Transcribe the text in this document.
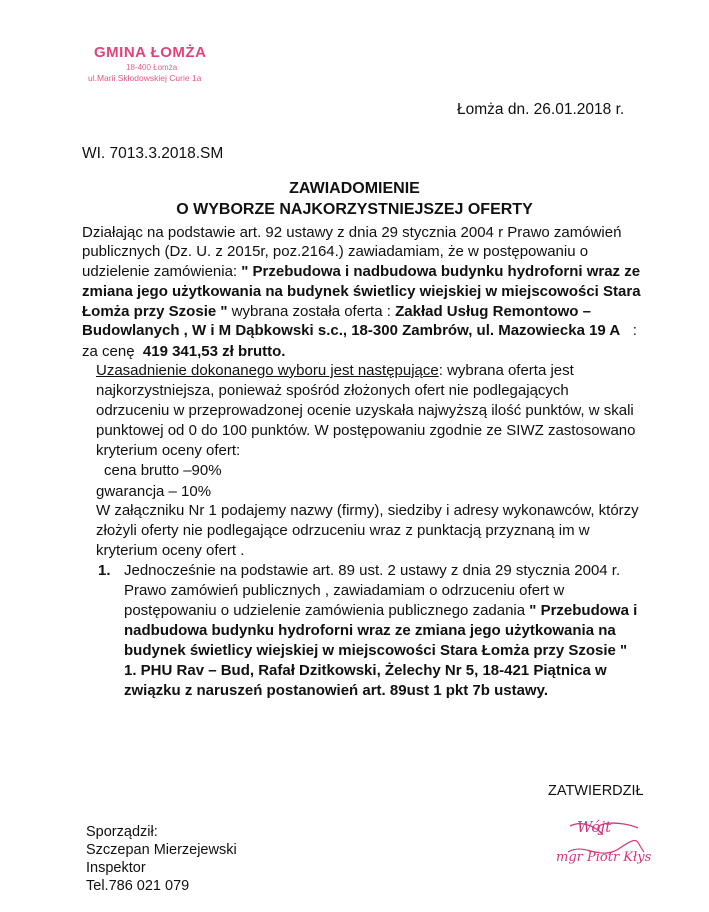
GMINA ŁOMŻA
18-400 Łomża
ul.Marii Skłodowskiej Curie 1a
Łomża dn. 26.01.2018 r.
WI. 7013.3.2018.SM
ZAWIADOMIENIE
O WYBORZE NAJKORZYSTNIEJSZEJ OFERTY
Działając na podstawie art. 92 ustawy z dnia 29 stycznia 2004 r Prawo zamówień
publicznych (Dz. U. z 2015r, poz.2164.) zawiadamiam, że w postępowaniu o
udzielenie zamówienia: " Przebudowa i nadbudowa budynku hydroforni wraz ze
zmiana jego użytkowania na budynek świetlicy wiejskiej w miejscowości Stara
Łomża przy Szosie " wybrana została oferta : Zakład Usług Remontowo –
Budowlanych , W i M Dąbkowski s.c., 18-300 Zambrów, ul. Mazowiecka 19 A :
za cenę 419 341,53 zł brutto.
Uzasadnienie dokonanego wyboru jest następujące: wybrana oferta jest
najkorzystniejsza, ponieważ spośród złożonych ofert nie podlegających
odrzuceniu w przeprowadzonej ocenie uzyskała najwyższą ilość punktów, w skali
punktowej od 0 do 100 punktów. W postępowaniu zgodnie ze SIWZ zastosowano
kryterium oceny ofert:
cena brutto –90%
gwarancja – 10%
W załączniku Nr 1 podajemy nazwy (firmy), siedziby i adresy wykonawców, którzy
złożyli oferty nie podlegające odrzuceniu wraz z punktacją przyznaną im w
kryterium oceny ofert .
1. Jednocześnie na podstawie art. 89 ust. 2 ustawy z dnia 29 stycznia 2004 r.
Prawo zamówień publicznych , zawiadamiam o odrzuceniu ofert w
postępowaniu o udzielenie zamówienia publicznego zadania " Przebudowa i
nadbudowa budynku hydroforni wraz ze zmiana jego użytkowania na
budynek świetlicy wiejskiej w miejscowości Stara Łomża przy Szosie "
1. PHU Rav – Bud, Rafał Dzitkowski, Żelechy Nr 5, 18-421 Piątnica w
związku z naruszeń postanowień art. 89ust 1 pkt 7b ustawy.
ZATWIERDZIŁ
Sporządził:
Szczepan Mierzejewski
Inspektor
Tel.786 021 079
Wójt
mgr Piotr Kłys
